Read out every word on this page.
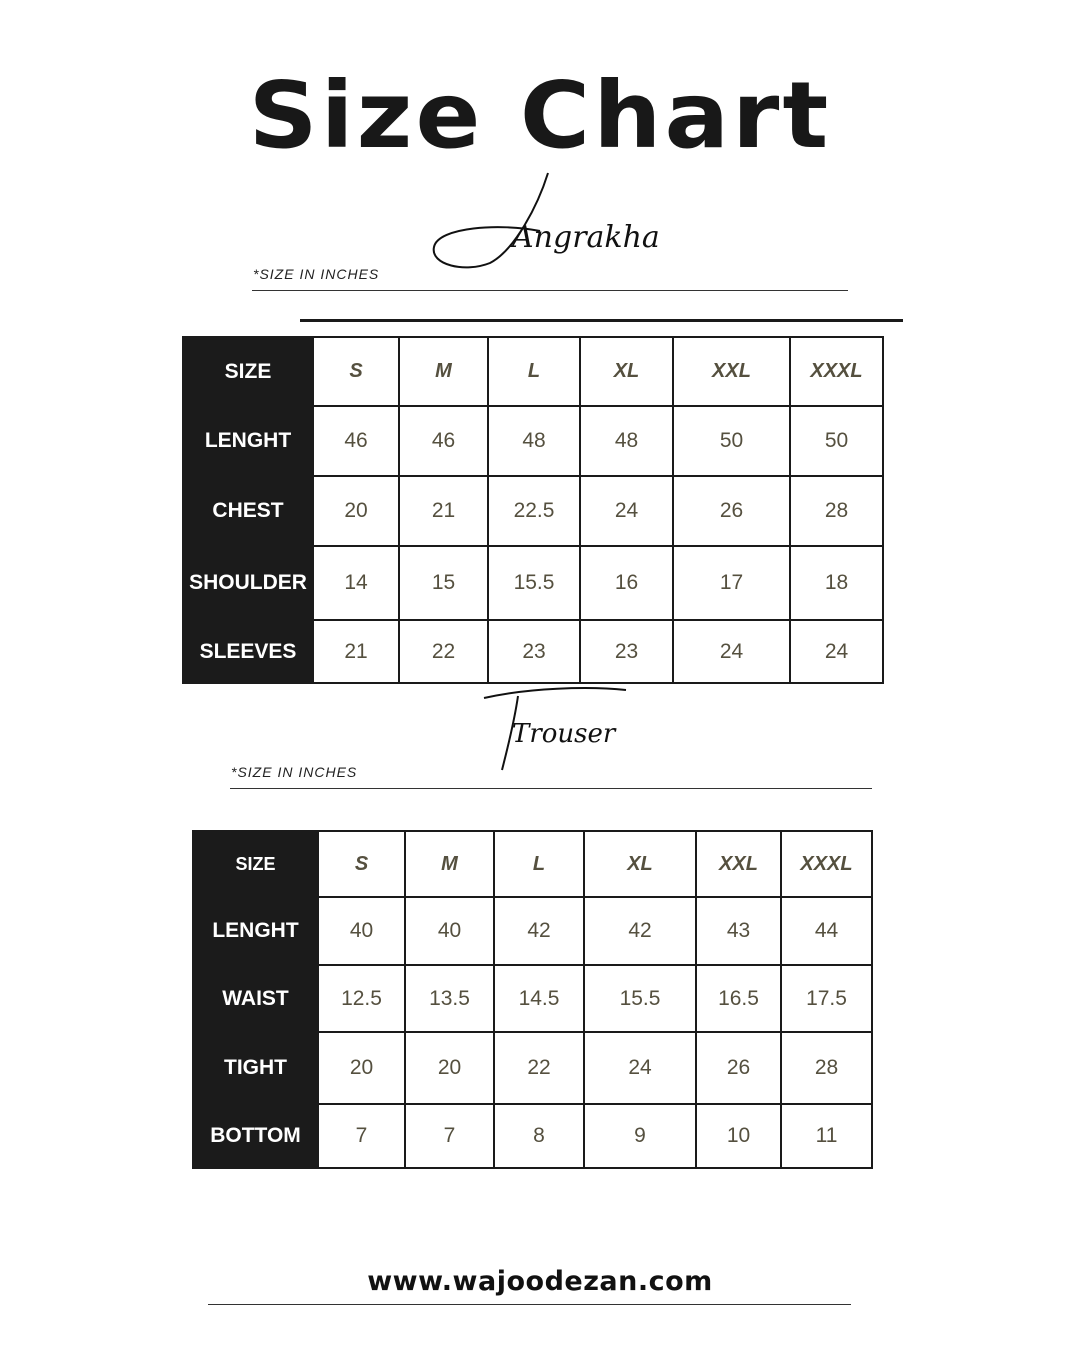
Size Chart
Angrakha
*SIZE IN INCHES
SIZE	S	M	L	XL	XXL	XXXL
LENGHT	46	46	48	48	50	50
CHEST	20	21	22.5	24	26	28
SHOULDER	14	15	15.5	16	17	18
SLEEVES	21	22	23	23	24	24
Trouser
*SIZE IN INCHES
SIZE	S	M	L	XL	XXL	XXXL
LENGHT	40	40	42	42	43	44
WAIST	12.5	13.5	14.5	15.5	16.5	17.5
TIGHT	20	20	22	24	26	28
BOTTOM	7	7	8	9	10	11
www.wajoodezan.com
